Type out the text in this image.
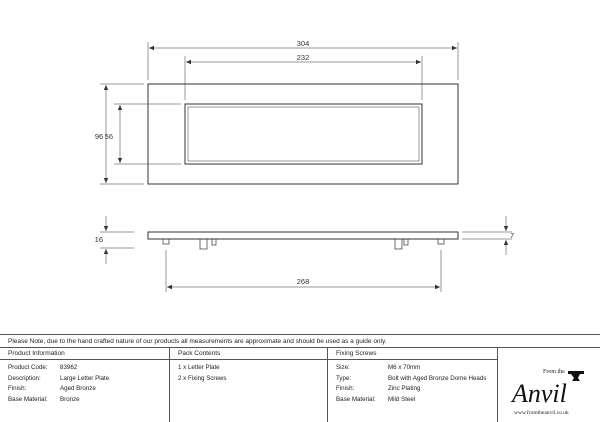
304
232
96 56
16	7
268
Please Note, due to the hand crafted nature of our products all measurements are approximate and should be used as a guide only.
Product Information
Product Code: 83962
Description:	Large Letter Plate
Finish:	Aged Bronze
Base Material: Bronze
Pack Contents
1 x Letter Plate
2 x Fixing Screws
Fixing Screws
Size:	M6 x 70mm
Type:	Bolt with Aged Bronze Dome Heads
Finish:	Zinc Plating
Base Material: Mild Steel
From the
Anvil
www.fromtheanvil.co.uk
